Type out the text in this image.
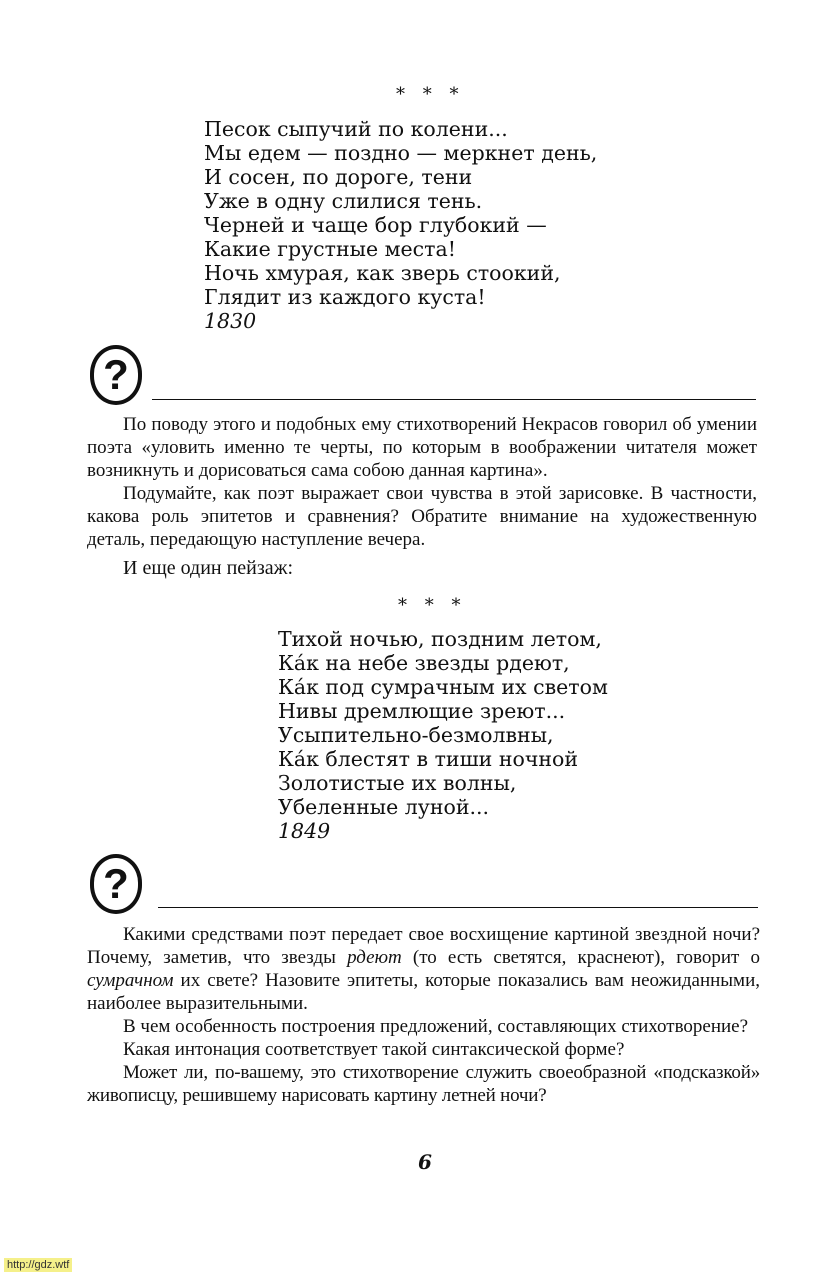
* * *
Песок сыпучий по колени...
Мы едем — поздно — меркнет день,
И сосен, по дороге, тени
Уже в одну слилися тень.
Черней и чаще бор глубокий —
Какие грустные места!
Ночь хмурая, как зверь стоокий,
Глядит из каждого куста!
1830
?

По поводу этого и подобных ему стихотворений Некрасов говорил об умении поэта «уловить именно те черты, по которым в воображении читателя может возникнуть и дорисоваться сама собою данная картина».

Подумайте, как поэт выражает свои чувства в этой зарисовке. В частности, какова роль эпитетов и сравнения? Обратите внимание на художественную деталь, передающую наступление вечера.

И еще один пейзаж:
* * *
Тихой ночью, поздним летом,
Ка́к на небе звезды рдеют,
Ка́к под сумрачным их светом
Нивы дремлющие зреют...
Усыпительно-безмолвны,
Ка́к блестят в тиши ночной
Золотистые их волны,
Убеленные луной...
1849
?

Какими средствами поэт передает свое восхищение картиной звездной ночи? Почему, заметив, что звезды рдеют (то есть светятся, краснеют), говорит о сумрачном их свете? Назовите эпитеты, которые показались вам неожиданными, наиболее выразительными.

В чем особенность построения предложений, составляющих стихотворение?

Какая интонация соответствует такой синтаксической форме?

Может ли, по-вашему, это стихотворение служить своеобразной «подсказкой» живописцу, решившему нарисовать картину летней ночи?

6
http://gdz.wtf
